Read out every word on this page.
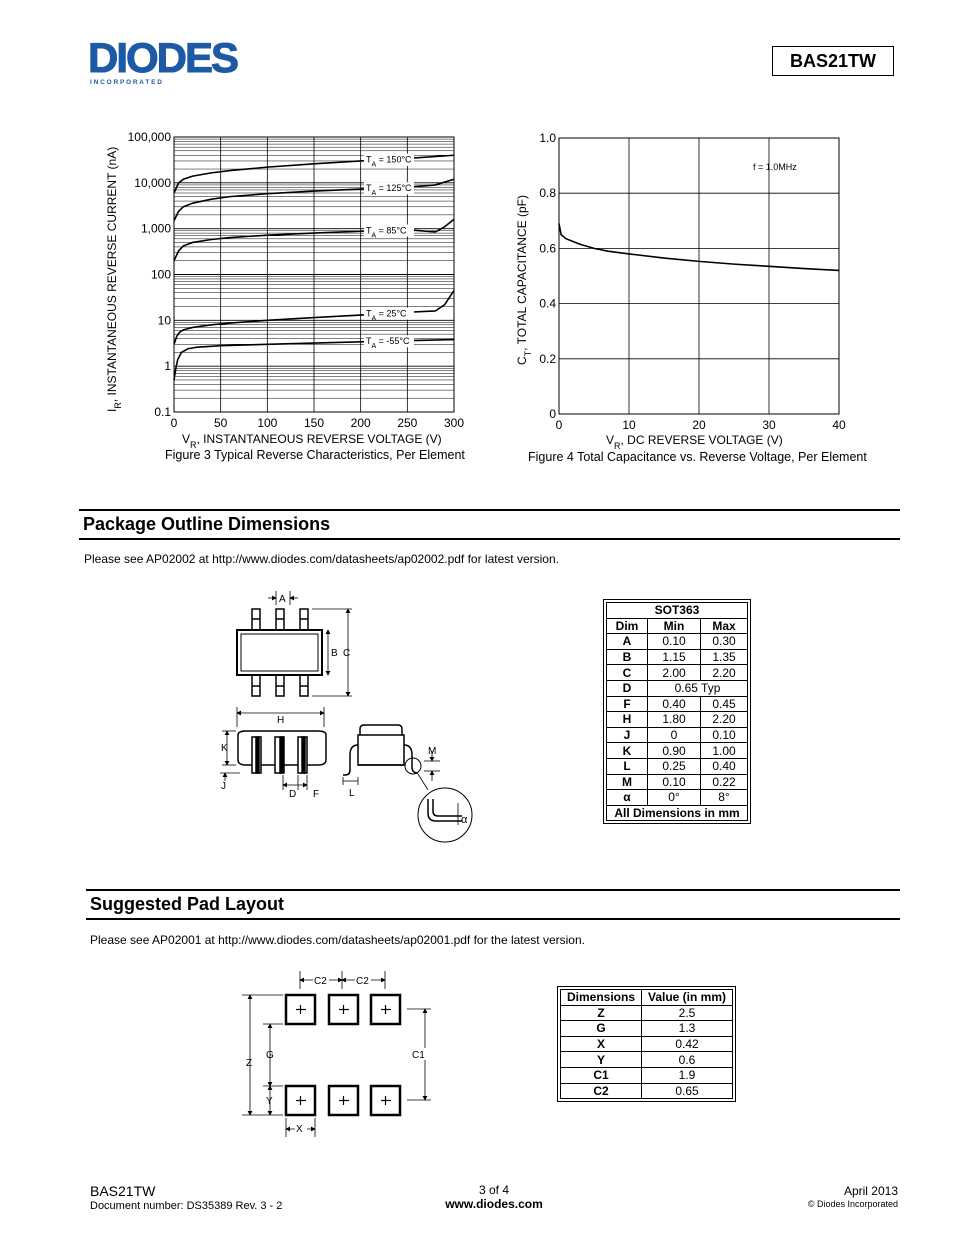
DIODES
I N C O R P O R A T E D
BAS21TW
0	50 100 150 200 250 300
100,000
10,000
1,000
100
10
1
0.1
$T_A = 150^\circ C$
$T_A = 125^\circ C$
$T_A = 85^\circ C$
$T_A = 25^\circ C$
$T_A = -55^\circ C$
$V_R$, INSTANTANEOUS REVERSE VOLTAGE (V)
$I_R$, INSTANTANEOUS REVERSE CURRENT (nA)
Figure 3 Typical Reverse Characteristics, Per Element
0	10	20	30	40
1.0
0.8
0.6
0.4
0.2
0
f = 1.0MHz
$V_R$, DC REVERSE VOLTAGE (V)
$C_T$, TOTAL CAPACITANCE (pF)
Figure 4 Total Capacitance vs. Reverse Voltage, Per Element
Package Outline Dimensions
Please see AP02002 at http://www.diodes.com/datasheets/ap02002.pdf for latest version.
A
B C
H
K
J
D F	L
M
α
SOT363		
Dim	Min	Max
A	0.10	0.30
B	1.15	1.35
C	2.00	2.20
D	0.65 Typ	
F	0.40	0.45
H	1.80	2.20
J	0	0.10
K	0.90	1.00
L	0.25	0.40
M	0.10	0.22
α	0°	8°
All Dimensions in mm		
Suggested Pad Layout
Please see AP02001 at http://www.diodes.com/datasheets/ap02001.pdf for the latest version.
C2	C2
Z
G
Y
X
C1
Dimensions	Value (in mm)
Z	2.5
G	1.3
X	0.42
Y	0.6
C1	1.9
C2	0.65
BAS21TW
Document number: DS35389 Rev. 3 - 2
3 of 4
www.diodes.com
April 2013
© Diodes Incorporated
